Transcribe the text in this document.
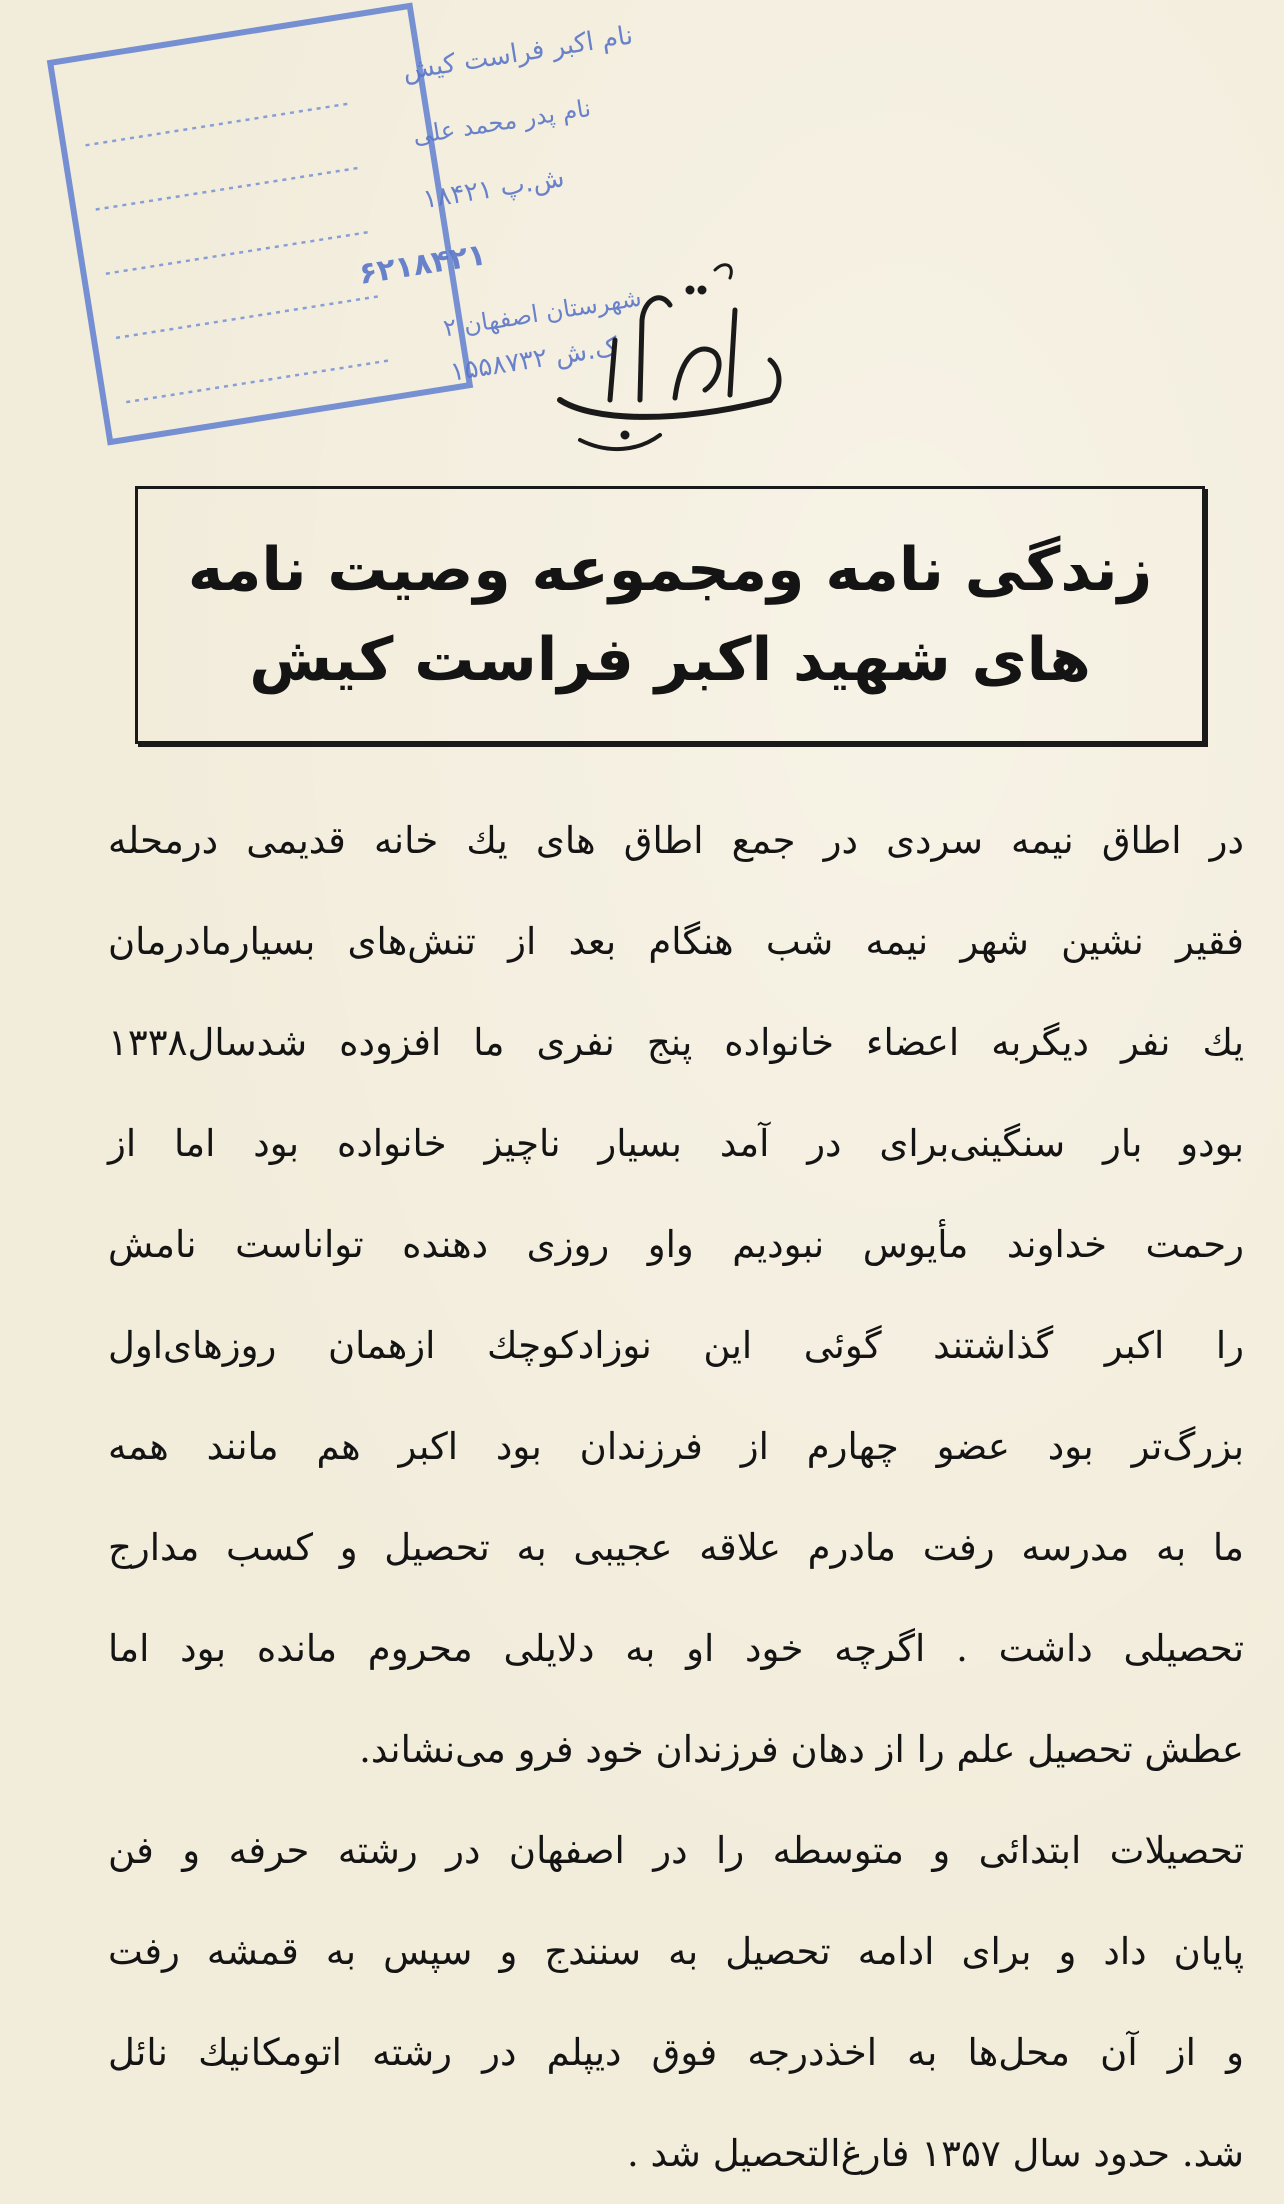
نام اکبر فراست کیش
نام پدر محمد علی
ش.پ ۱۸۴۲۱
۶۲۱۸۴۲۱
شهرستان اصفهان ۲
ک.ش ۱۵۵۸۷۳۲
بسمه تعالی
زندگی نامه ومجموعه وصیت نامه
های شهید اکبر فراست کیش
در اطاق نیمه سردی در جمع اطاق های یك خانه قدیمی درمحله
فقیر نشین شهر نیمه شب هنگام بعد از تنش‌های بسیارمادرمان
یك نفر دیگربه اعضاء خانواده پنج نفری ما افزوده شدسال۱۳۳۸
بودو بار سنگینی‌برای در آمد بسیار ناچیز خانواده بود اما از
رحمت خداوند مأیوس نبودیم واو روزی دهنده تواناست نامش
را اکبر گذاشتند گوئی این نوزادکوچك ازهمان روزهای‌اول
بزرگ‌تر بود عضو چهارم از فرزندان بود اکبر هم مانند همه
ما به مدرسه رفت مادرم علاقه عجیبی به تحصیل و کسب مدارج
تحصیلی داشت . اگرچه خود او به دلایلی محروم مانده بود اما
عطش تحصیل علم را از دهان فرزندان خود فرو می‌نشاند.
تحصیلات ابتدائی و متوسطه را در اصفهان در رشته حرفه و فن
پایان داد و برای ادامه تحصیل به سنندج و سپس به قمشه رفت
و از آن محل‌ها به اخذدرجه فوق دیپلم در رشته اتومکانیك نائل
شد. حدود سال ۱۳۵۷ فارغ‌التحصیل شد .
